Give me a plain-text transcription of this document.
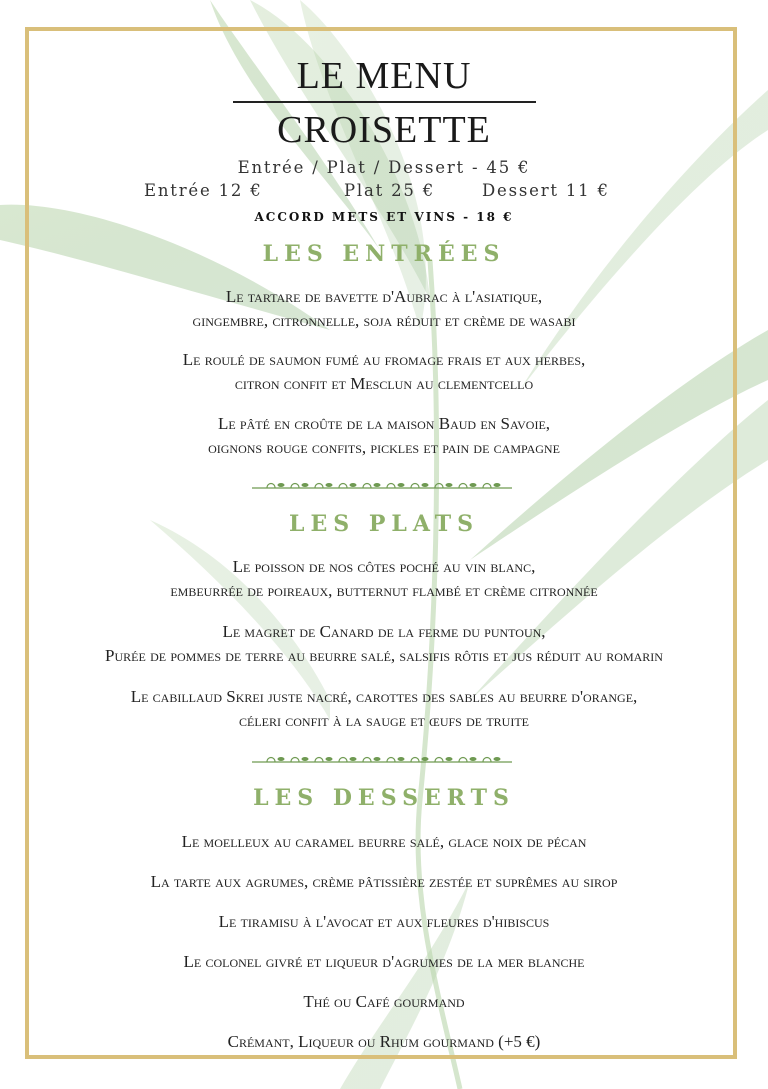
LE MENU
CROISETTE
Entrée / Plat / Dessert - 45 €
Entrée 12 €	Plat 25 €	Dessert 11 €
ACCORD METS ET VINS - 18 €
LES ENTRÉES
Le tartare de bavette d'Aubrac à l'asiatique,
gingembre, citronnelle, soja réduit et crème de wasabi
Le roulé de saumon fumé au fromage frais et aux herbes,
citron confit et Mesclun au clementcello
Le pâté en croûte de la maison Baud en Savoie,
oignons rouge confits, pickles et pain de campagne
LES PLATS
Le poisson de nos côtes poché au vin blanc,
embeurrée de poireaux, butternut flambé et crème citronnée
Le magret de Canard de la ferme du puntoun,
Purée de pommes de terre au beurre salé, salsifis rôtis et jus réduit au romarin
Le cabillaud Skrei juste nacré, carottes des sables au beurre d'orange,
céleri confit à la sauge et œufs de truite
LES DESSERTS
Le moelleux au caramel beurre salé, glace noix de pécan
La tarte aux agrumes, crème pâtissière zestée et suprêmes au sirop
Le tiramisu à l'avocat et aux fleures d'hibiscus
Le colonel givré et liqueur d'agrumes de la mer blanche
Thé ou Café gourmand
Crémant, Liqueur ou Rhum gourmand (+5 €)
